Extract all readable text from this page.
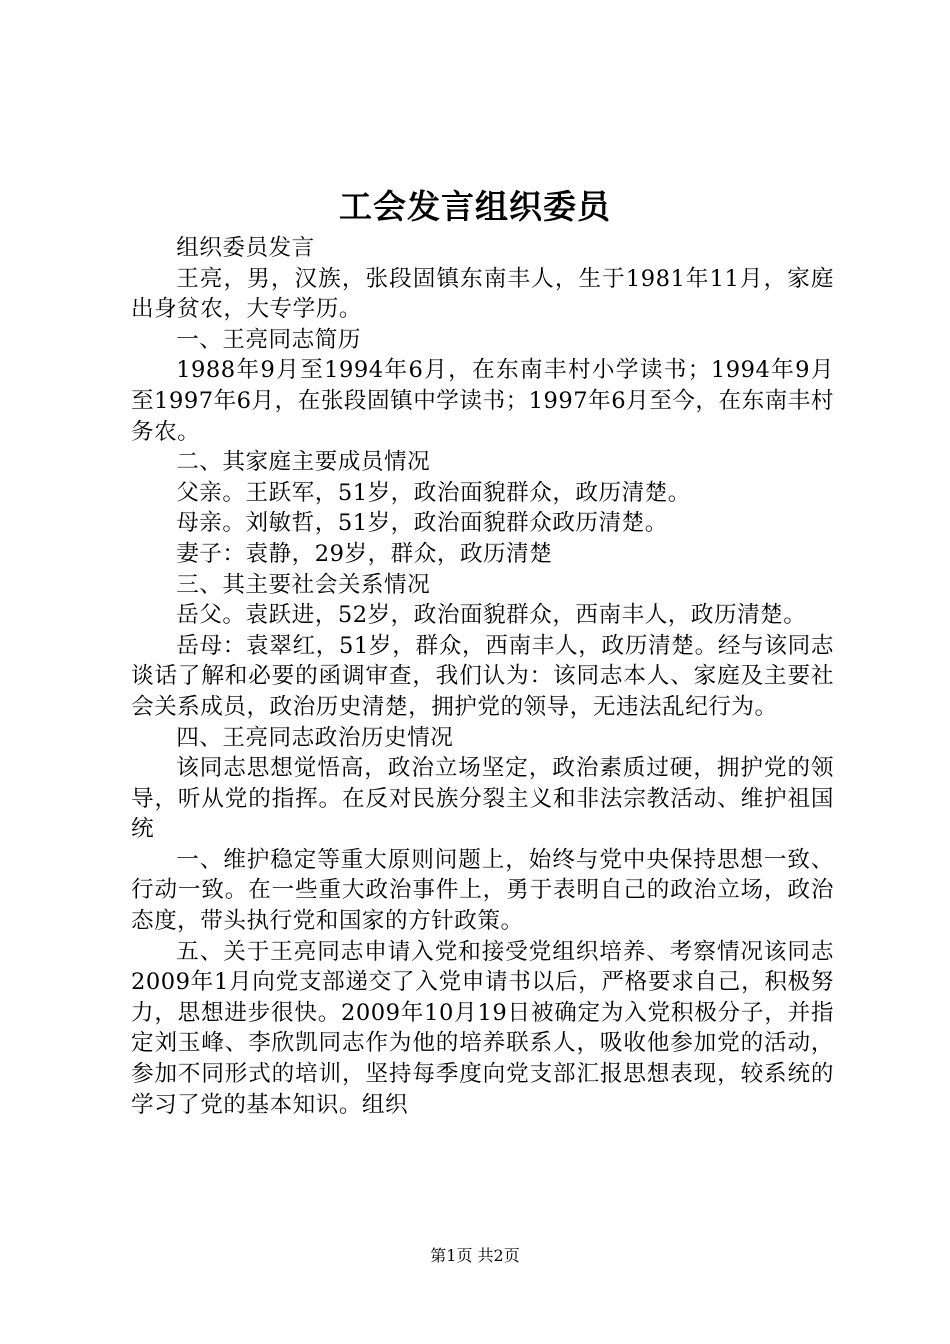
工会发言组织委员

组织委员发言

王亮，男，汉族，张段固镇东南丰人，生于1981年11月，家庭出身贫农，大专学历。

一、王亮同志简历

1988年9月至1994年6月，在东南丰村小学读书；1994年9月至1997年6月，在张段固镇中学读书；1997年6月至今，在东南丰村务农。

二、其家庭主要成员情况

父亲。王跃军，51岁，政治面貌群众，政历清楚。

母亲。刘敏哲，51岁，政治面貌群众政历清楚。

妻子：袁静，29岁，群众，政历清楚

三、其主要社会关系情况

岳父。袁跃进，52岁，政治面貌群众，西南丰人，政历清楚。

岳母：袁翠红，51岁，群众，西南丰人，政历清楚。经与该同志谈话了解和必要的函调审查，我们认为：该同志本人、家庭及主要社会关系成员，政治历史清楚，拥护党的领导，无违法乱纪行为。

四、王亮同志政治历史情况

该同志思想觉悟高，政治立场坚定，政治素质过硬，拥护党的领导，听从党的指挥。在反对民族分裂主义和非法宗教活动、维护祖国统

一、维护稳定等重大原则问题上，始终与党中央保持思想一致、行动一致。在一些重大政治事件上，勇于表明自己的政治立场，政治态度，带头执行党和国家的方针政策。

五、关于王亮同志申请入党和接受党组织培养、考察情况该同志2009年1月向党支部递交了入党申请书以后，严格要求自己，积极努力，思想进步很快。2009年10月19日被确定为入党积极分子，并指定刘玉峰、李欣凯同志作为他的培养联系人，吸收他参加党的活动，参加不同形式的培训，坚持每季度向党支部汇报思想表现，较系统的学习了党的基本知识。组织

第1页 共2页
